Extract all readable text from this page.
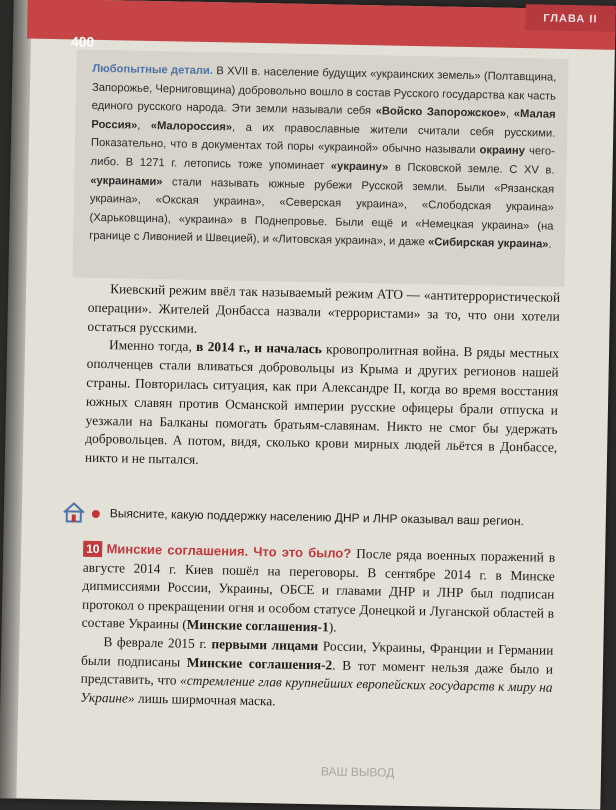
400
ГЛАВА II

Любопытные детали. В XVII в. население будущих «украинских земель» (Полтавщина, Запорожье, Черниговщина) добровольно вошло в состав Русского государства как часть единого русского народа. Эти земли называли себя «Войско Запорожское», «Малая Россия», «Малороссия», а их православные жители считали себя русскими. Показательно, что в документах той поры «украиной» обычно называли окраину чего-либо. В 1271 г. летопись тоже упоминает «украину» в Псковской земле. С XV в. «украинами» стали называть южные рубежи Русской земли. Были «Рязанская украина», «Окская украина», «Северская украина», «Слободская украина» (Харьковщина), «украина» в Поднепровье. Были ещё и «Немецкая украина» (на границе с Ливонией и Швецией), и «Литовская украина», и даже «Сибирская украина».

Киевский режим ввёл так называемый режим АТО — «антитеррористической операции». Жителей Донбасса назвали «террористами» за то, что они хотели остаться русскими.

Именно тогда, в 2014 г., и началась кровопролитная война. В ряды местных ополченцев стали вливаться добровольцы из Крыма и других регионов нашей страны. Повторилась ситуация, как при Александре II, когда во время восстания южных славян против Османской империи русские офицеры брали отпуска и уезжали на Балканы помогать братьям-славянам. Никто не смог бы удержать добровольцев. А потом, видя, сколько крови мирных людей льётся в Донбассе, никто и не пытался.

Выясните, какую поддержку населению ДНР и ЛНР оказывал ваш регион.

10 Минские соглашения. Что это было? После ряда военных поражений в августе 2014 г. Киев пошёл на переговоры. В сентябре 2014 г. в Минске дипмиссиями России, Украины, ОБСЕ и главами ДНР и ЛНР был подписан протокол о прекращении огня и особом статусе Донецкой и Луганской областей в составе Украины (Минские соглашения-1).

В феврале 2015 г. первыми лицами России, Украины, Франции и Германии были подписаны Минские соглашения-2. В тот момент нельзя даже было и представить, что «стремление глав крупнейших европейских государств к миру на Украине» лишь ширмочная маска.

ВАШ ВЫВОД
